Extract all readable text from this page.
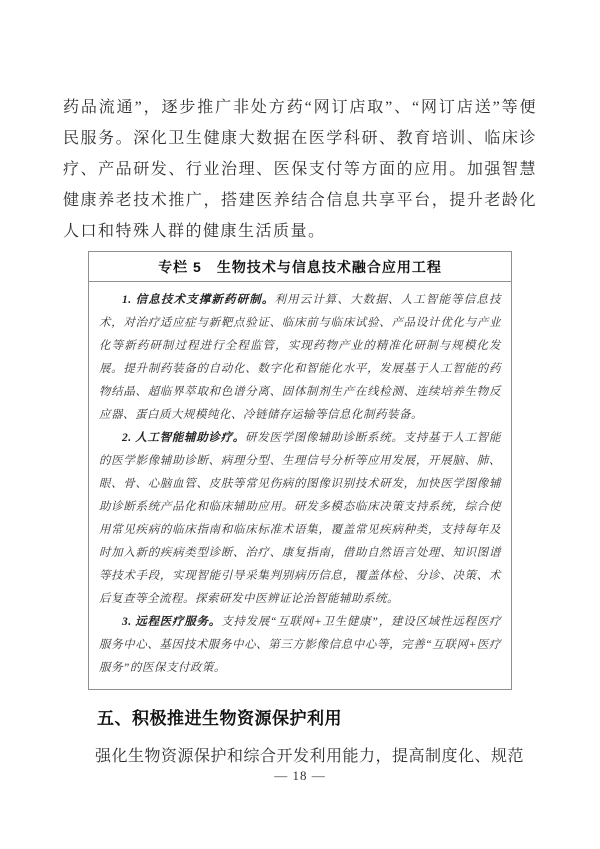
药品流通”，逐步推广非处方药“网订店取”、“网订店送”等便民服务。深化卫生健康大数据在医学科研、教育培训、临床诊疗、产品研发、行业治理、医保支付等方面的应用。加强智慧健康养老技术推广，搭建医养结合信息共享平台，提升老龄化人口和特殊人群的健康生活质量。

专栏 5　生物技术与信息技术融合应用工程

1. 信息技术支撑新药研制。利用云计算、大数据、人工智能等信息技术，对治疗适应症与新靶点验证、临床前与临床试验、产品设计优化与产业化等新药研制过程进行全程监管，实现药物产业的精准化研制与规模化发展。提升制药装备的自动化、数字化和智能化水平，发展基于人工智能的药物结晶、超临界萃取和色谱分离、固体制剂生产在线检测、连续培养生物反应器、蛋白质大规模纯化、冷链储存运输等信息化制药装备。

2. 人工智能辅助诊疗。研发医学图像辅助诊断系统。支持基于人工智能的医学影像辅助诊断、病理分型、生理信号分析等应用发展，开展脑、肺、眼、骨、心脑血管、皮肤等常见伤病的图像识别技术研发，加快医学图像辅助诊断系统产品化和临床辅助应用。研发多模态临床决策支持系统，综合使用常见疾病的临床指南和临床标准术语集，覆盖常见疾病种类，支持每年及时加入新的疾病类型诊断、治疗、康复指南，借助自然语言处理、知识图谱等技术手段，实现智能引导采集判别病历信息，覆盖体检、分诊、决策、术后复查等全流程。探索研发中医辨证论治智能辅助系统。

3. 远程医疗服务。支持发展“互联网+卫生健康”，建设区域性远程医疗服务中心、基因技术服务中心、第三方影像信息中心等，完善“互联网+医疗服务”的医保支付政策。

五、积极推进生物资源保护利用

强化生物资源保护和综合开发利用能力，提高制度化、规范

— 18 —
